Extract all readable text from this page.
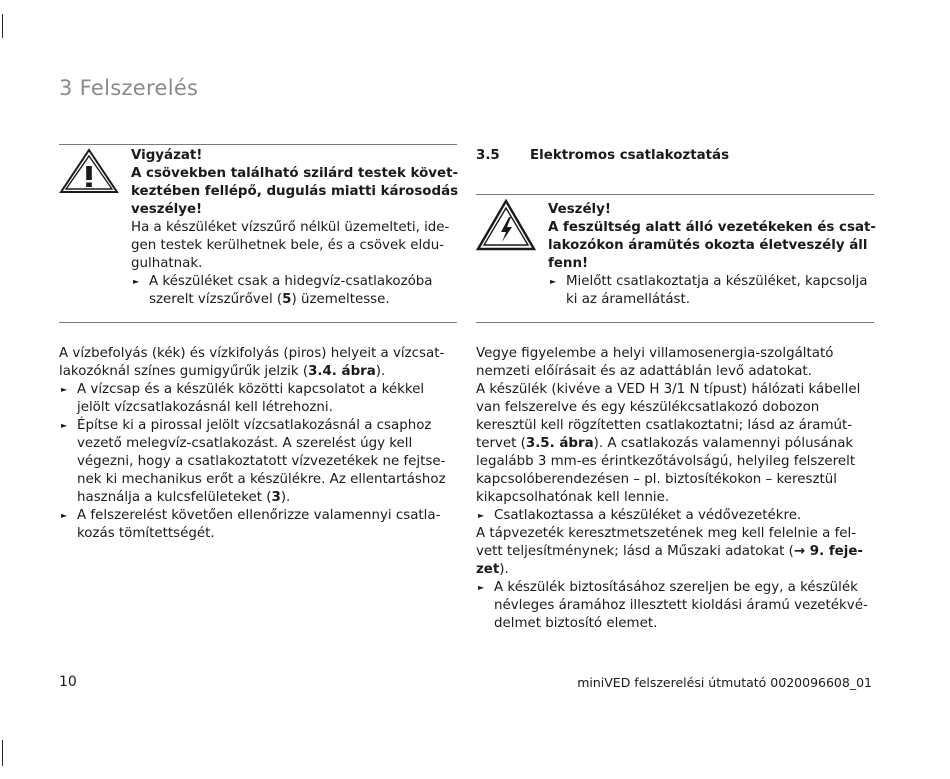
3 Felszerelés
Vigyázat!
A csövekben található szilárd testek követ-
keztében fellépő, dugulás miatti károsodás
veszélye!
Ha a készüléket vízszűrő nélkül üzemelteti, ide-
gen testek kerülhetnek bele, és a csövek eldu-
gulhatnak.
► A készüléket csak a hidegvíz-csatlakozóba
szerelt vízszűrővel (5) üzemeltesse.
A vízbefolyás (kék) és vízkifolyás (piros) helyeit a vízcsat-
lakozóknál színes gumigyűrűk jelzik (3.4. ábra).
► A vízcsap és a készülék közötti kapcsolatot a kékkel
jelölt vízcsatlakozásnál kell létrehozni.
► Építse ki a pirossal jelölt vízcsatlakozásnál a csaphoz
vezető melegvíz-csatlakozást. A szerelést úgy kell
végezni, hogy a csatlakoztatott vízvezetékek ne fejtse-
nek ki mechanikus erőt a készülékre. Az ellentartáshoz
használja a kulcsfelületeket (3).
► A felszerelést követően ellenőrizze valamennyi csatla-
kozás tömítettségét.
3.5 Elektromos csatlakoztatás
Veszély!
A feszültség alatt álló vezetékeken és csat-
lakozókon áramütés okozta életveszély áll
fenn!
► Mielőtt csatlakoztatja a készüléket, kapcsolja
ki az áramellátást.
Vegye figyelembe a helyi villamosenergia-szolgáltató
nemzeti előírásait és az adattáblán levő adatokat.
A készülék (kivéve a VED H 3/1 N típust) hálózati kábellel
van felszerelve és egy készülékcsatlakozó dobozon
keresztül kell rögzítetten csatlakoztatni; lásd az áramút-
tervet (3.5. ábra). A csatlakozás valamennyi pólusának
legalább 3 mm-es érintkezőtávolságú, helyileg felszerelt
kapcsolóberendezésen – pl. biztosítékokon – keresztül
kikapcsolhatónak kell lennie.
► Csatlakoztassa a készüléket a védővezetékre.
A tápvezeték keresztmetszetének meg kell felelnie a fel-
vett teljesítménynek; lásd a Műszaki adatokat (→ 9. feje-
zet).
► A készülék biztosításához szereljen be egy, a készülék
névleges áramához illesztett kioldási áramú vezetékvé-
delmet biztosító elemet.
10	miniVED felszerelési útmutató 0020096608_01
